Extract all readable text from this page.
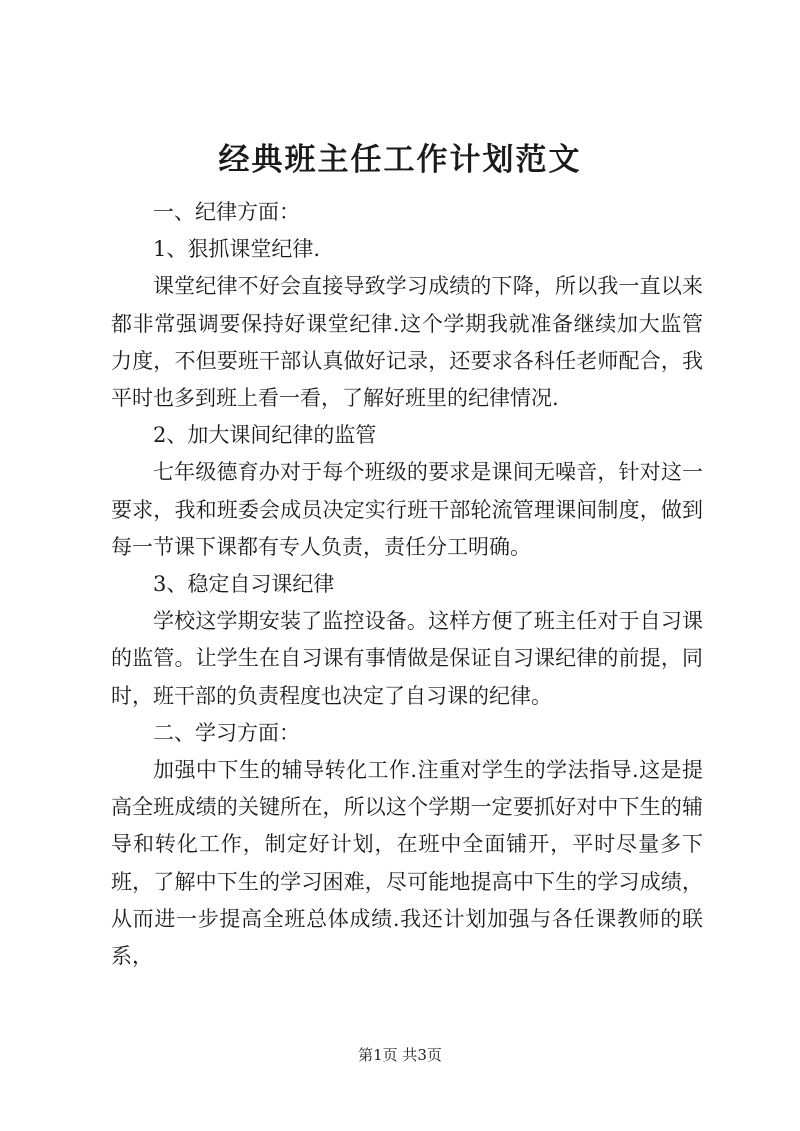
经典班主任工作计划范文

一、纪律方面：

1、狠抓课堂纪律.

课堂纪律不好会直接导致学习成绩的下降，所以我一直以来都非常强调要保持好课堂纪律.这个学期我就准备继续加大监管力度，不但要班干部认真做好记录，还要求各科任老师配合，我平时也多到班上看一看，了解好班里的纪律情况.

2、加大课间纪律的监管

七年级德育办对于每个班级的要求是课间无噪音，针对这一要求，我和班委会成员决定实行班干部轮流管理课间制度，做到每一节课下课都有专人负责，责任分工明确。

3、稳定自习课纪律

学校这学期安装了监控设备。这样方便了班主任对于自习课的监管。让学生在自习课有事情做是保证自习课纪律的前提，同时，班干部的负责程度也决定了自习课的纪律。

二、学习方面：

加强中下生的辅导转化工作.注重对学生的学法指导.这是提高全班成绩的关键所在，所以这个学期一定要抓好对中下生的辅导和转化工作，制定好计划，在班中全面铺开，平时尽量多下班，了解中下生的学习困难，尽可能地提高中下生的学习成绩，从而进一步提高全班总体成绩.我还计划加强与各任课教师的联系，

第1页 共3页
